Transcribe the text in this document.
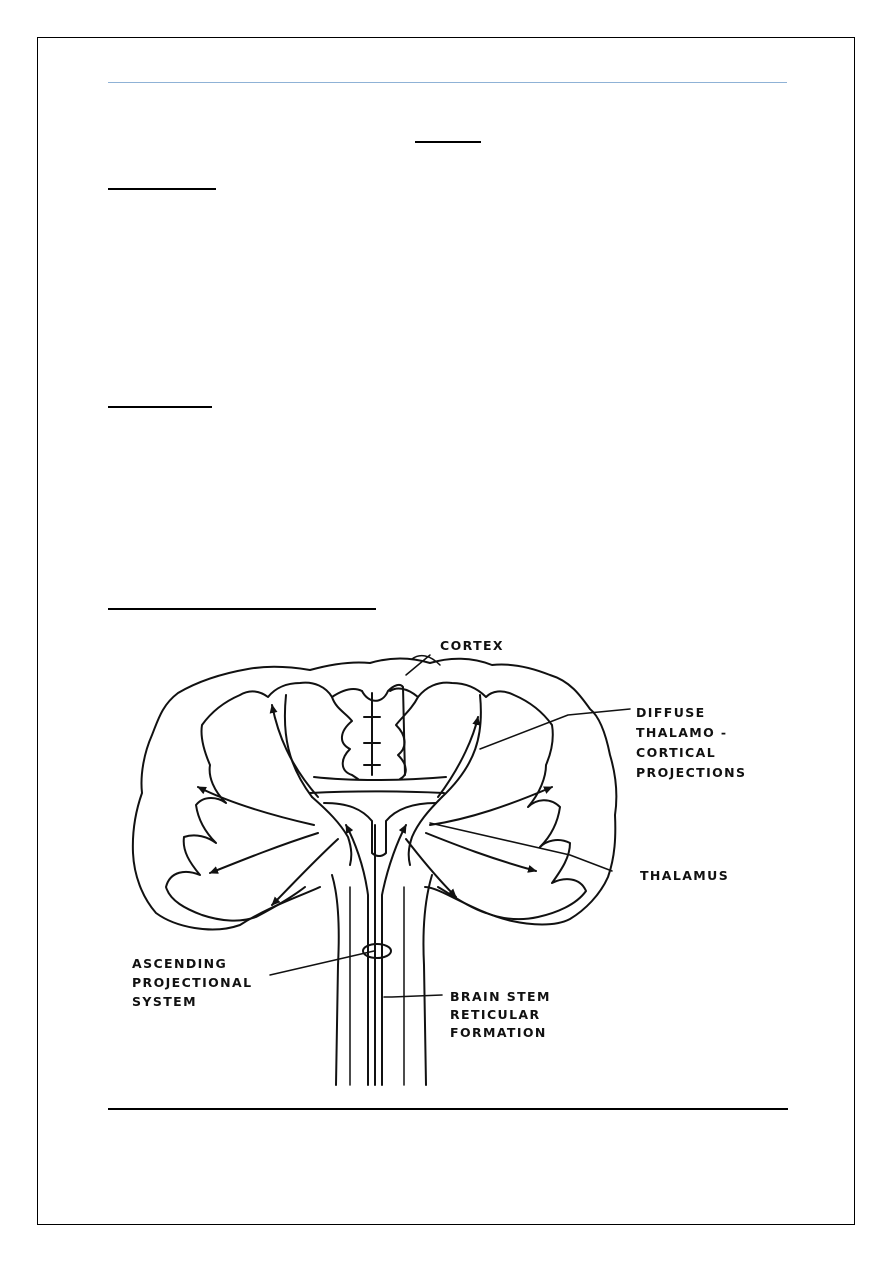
CORTEX
DIFFUSE
THALAMO -
CORTICAL
PROJECTIONS
THALAMUS
ASCENDING
PROJECTIONAL
SYSTEM	BRAIN STEM
RETICULAR
FORMATION
